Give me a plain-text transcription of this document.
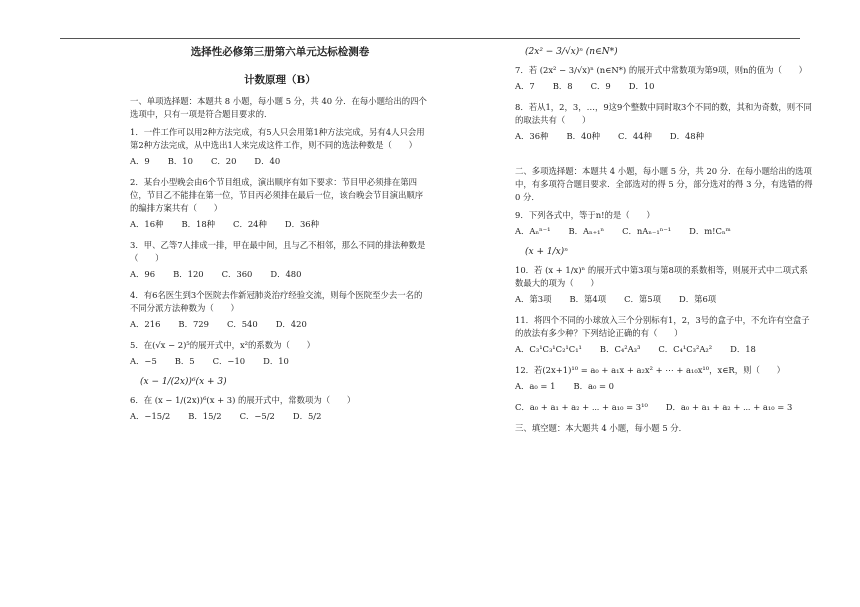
选择性必修第三册第六单元达标检测卷
计数原理（B）

一、单项选择题：本题共 8 小题，每小题 5 分，共 40 分．在每小题给出的四个选项中，只有一项是符合题目要求的．

1．一件工作可以用2种方法完成，有5人只会用第1种方法完成，另有4人只会用第2种方法完成，从中选出1人来完成这件工作，则不同的选法种数是（　　）

A．9 B．10 C．20 D．40

2．某台小型晚会由6个节目组成，演出顺序有如下要求：节目甲必须排在第四位，节目乙不能排在第一位，节目丙必须排在最后一位，该台晚会节目演出顺序的编排方案共有（　　）

A．16种 B．18种 C．24种 D．36种

3．甲、乙等7人排成一排，甲在最中间，且与乙不相邻，那么不同的排法种数是（　　）

A．96 B．120 C．360 D．480

4．有6名医生到3个医院去作新冠肺炎治疗经验交流，则每个医院至少去一名的不同分派方法种数为（　　）

A．216 B．729 C．540 D．420

5．在(√x − 2)⁵的展开式中，x²的系数为（　　）

A．−5 B．5 C．−10 D．10
(x − 1/(2x))⁶(x + 3)

6．在 (x − 1/(2x))⁶(x + 3) 的展开式中，常数项为（　　）

A．−15/2 B．15/2 C．−5/2 D．5/2
(2x² − 3/√x)ⁿ (n∈N*)

7．若 (2x² − 3/√x)ⁿ (n∈N*) 的展开式中常数项为第9项，则n的值为（　　）

A．7 B．8 C．9 D．10

8．若从1，2，3，…，9这9个整数中同时取3个不同的数，其和为奇数，则不同的取法共有（　　）

A．36种 B．40种 C．44种 D．48种

二、多项选择题：本题共 4 小题，每小题 5 分，共 20 分．在每小题给出的选项中，有多项符合题目要求．全部选对的得 5 分，部分选对的得 3 分，有选错的得 0 分．

9．下列各式中，等于n!的是（　　）

A．Aₙⁿ⁻¹ B．Aₙ₊₁ⁿ C．nAₙ₋₁ⁿ⁻¹ D．m!Cₙᵐ
(x + 1/x)ⁿ

10．若 (x + 1/x)ⁿ 的展开式中第3项与第8项的系数相等，则展开式中二项式系数最大的项为（　　）

A．第3项 B．第4项 C．第5项 D．第6项

11．将四个不同的小球放入三个分别标有1，2，3号的盒子中，不允许有空盒子的放法有多少种？下列结论正确的有（　　）

A．C₃¹C₃¹C₂¹C₁¹ B．C₄²A₃³ C．C₄¹C₃²A₂² D．18

12．若(2x+1)¹⁰ = a₀ + a₁x + a₂x² + ⋯ + a₁₀x¹⁰，x∈R，则（　　）

A．a₀ = 1 B．a₀ = 0
C．a₀ + a₁ + a₂ + ⋯ + a₁₀ = 3¹⁰ D．a₀ + a₁ + a₂ + ⋯ + a₁₀ = 3

三、填空题：本大题共 4 小题，每小题 5 分．
